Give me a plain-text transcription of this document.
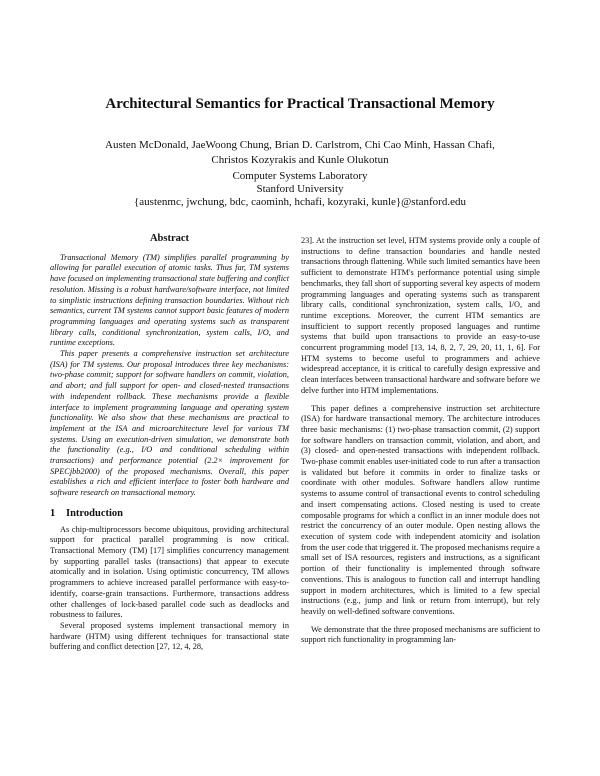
Architectural Semantics for Practical Transactional Memory
Austen McDonald, JaeWoong Chung, Brian D. Carlstrom, Chi Cao Minh, Hassan Chafi,
Christos Kozyrakis and Kunle Olukotun
Computer Systems Laboratory
Stanford University
{austenmc, jwchung, bdc, caominh, hchafi, kozyraki, kunle}@stanford.edu
Abstract

Transactional Memory (TM) simplifies parallel programming by allowing for parallel execution of atomic tasks. Thus far, TM systems have focused on implementing transactional state buffering and conflict resolution. Missing is a robust hardware/software interface, not limited to simplistic instructions defining transaction boundaries. Without rich semantics, current TM systems cannot support basic features of modern programming languages and operating systems such as transparent library calls, conditional synchronization, system calls, I/O, and runtime exceptions.

This paper presents a comprehensive instruction set architecture (ISA) for TM systems. Our proposal introduces three key mechanisms: two-phase commit; support for software handlers on commit, violation, and abort; and full support for open- and closed-nested transactions with independent rollback. These mechanisms provide a flexible interface to implement programming language and operating system functionality. We also show that these mechanisms are practical to implement at the ISA and microarchitecture level for various TM systems. Using an execution-driven simulation, we demonstrate both the functionality (e.g., I/O and conditional scheduling within transactions) and performance potential (2.2× improvement for SPECjbb2000) of the proposed mechanisms. Overall, this paper establishes a rich and efficient interface to foster both hardware and software research on transactional memory.

1 Introduction

As chip-multiprocessors become ubiquitous, providing architectural support for practical parallel programming is now critical. Transactional Memory (TM) [17] simplifies concurrency management by supporting parallel tasks (transactions) that appear to execute atomically and in isolation. Using optimistic concurrency, TM allows programmers to achieve increased parallel performance with easy-to-identify, coarse-grain transactions. Furthermore, transactions address other challenges of lock-based parallel code such as deadlocks and robustness to failures.

Several proposed systems implement transactional memory in hardware (HTM) using different techniques for transactional state buffering and conflict detection [27, 12, 4, 28,

23]. At the instruction set level, HTM systems provide only a couple of instructions to define transaction boundaries and handle nested transactions through flattening. While such limited semantics have been sufficient to demonstrate HTM's performance potential using simple benchmarks, they fall short of supporting several key aspects of modern programming languages and operating systems such as transparent library calls, conditional synchronization, system calls, I/O, and runtime exceptions. Moreover, the current HTM semantics are insufficient to support recently proposed languages and runtime systems that build upon transactions to provide an easy-to-use concurrent programming model [13, 14, 8, 2, 7, 29, 20, 11, 1, 6]. For HTM systems to become useful to programmers and achieve widespread acceptance, it is critical to carefully design expressive and clean interfaces between transactional hardware and software before we delve further into HTM implementations.

This paper defines a comprehensive instruction set architecture (ISA) for hardware transactional memory. The architecture introduces three basic mechanisms: (1) two-phase transaction commit, (2) support for software handlers on transaction commit, violation, and abort, and (3) closed- and open-nested transactions with independent rollback. Two-phase commit enables user-initiated code to run after a transaction is validated but before it commits in order to finalize tasks or coordinate with other modules. Software handlers allow runtime systems to assume control of transactional events to control scheduling and insert compensating actions. Closed nesting is used to create composable programs for which a conflict in an inner module does not restrict the concurrency of an outer module. Open nesting allows the execution of system code with independent atomicity and isolation from the user code that triggered it. The proposed mechanisms require a small set of ISA resources, registers and instructions, as a significant portion of their functionality is implemented through software conventions. This is analogous to function call and interrupt handling support in modern architectures, which is limited to a few special instructions (e.g., jump and link or return from interrupt), but rely heavily on well-defined software conventions.

We demonstrate that the three proposed mechanisms are sufficient to support rich functionality in programming lan-
